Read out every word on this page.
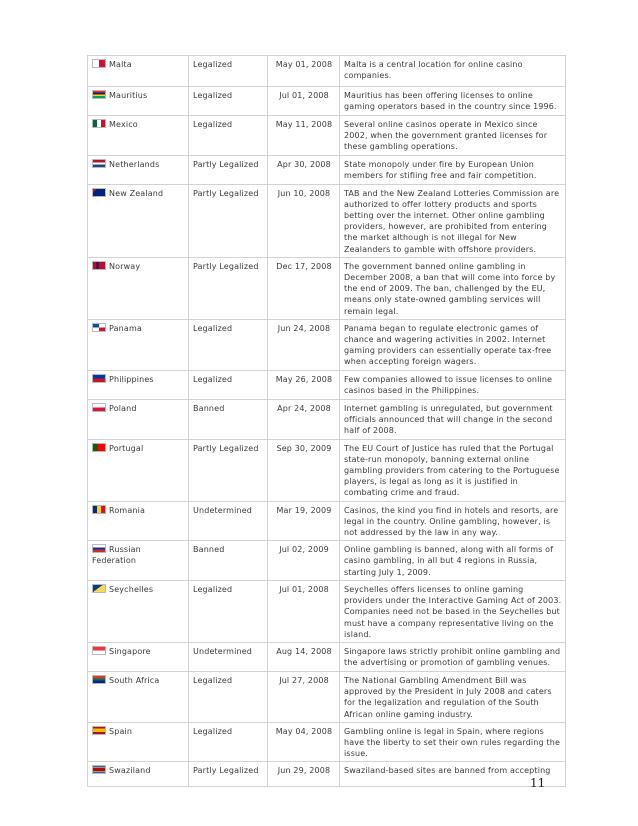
Malta	Legalized	May 01, 2008	Malta is a central location for online casino companies.
Mauritius	Legalized	Jul 01, 2008	Mauritius has been offering licenses to online gaming operators based in the country since 1996.
Mexico	Legalized	May 11, 2008	Several online casinos operate in Mexico since 2002, when the government granted licenses for these gambling operations.
Netherlands	Partly Legalized	Apr 30, 2008	State monopoly under fire by European Union members for stifling free and fair competition.
New Zealand	Partly Legalized	Jun 10, 2008	TAB and the New Zealand Lotteries Commission are authorized to offer lottery products and sports betting over the internet. Other online gambling providers, however, are prohibited from entering the market although is not illegal for New Zealanders to gamble with offshore providers.
Norway	Partly Legalized	Dec 17, 2008	The government banned online gambling in December 2008, a ban that will come into force by the end of 2009. The ban, challenged by the EU, means only state-owned gambling services will remain legal.
Panama	Legalized	Jun 24, 2008	Panama began to regulate electronic games of chance and wagering activities in 2002. Internet gaming providers can essentially operate tax-free when accepting foreign wagers.
Philippines	Legalized	May 26, 2008	Few companies allowed to issue licenses to online casinos based in the Philippines.
Poland	Banned	Apr 24, 2008	Internet gambling is unregulated, but government officials announced that will change in the second half of 2008.
Portugal	Partly Legalized	Sep 30, 2009	The EU Court of Justice has ruled that the Portugal state-run monopoly, banning external online gambling providers from catering to the Portuguese players, is legal as long as it is justified in combating crime and fraud.
Romania	Undetermined	Mar 19, 2009	Casinos, the kind you find in hotels and resorts, are legal in the country. Online gambling, however, is not addressed by the law in any way.
Russian Federation	Banned	Jul 02, 2009	Online gambling is banned, along with all forms of casino gambling, in all but 4 regions in Russia, starting July 1, 2009.
Seychelles	Legalized	Jul 01, 2008	Seychelles offers licenses to online gaming providers under the Interactive Gaming Act of 2003. Companies need not be based in the Seychelles but must have a company representative living on the island.
Singapore	Undetermined	Aug 14, 2008	Singapore laws strictly prohibit online gambling and the advertising or promotion of gambling venues.
South Africa	Legalized	Jul 27, 2008	The National Gambling Amendment Bill was approved by the President in July 2008 and caters for the legalization and regulation of the South African online gaming industry.
Spain	Legalized	May 04, 2008	Gambling online is legal in Spain, where regions have the liberty to set their own rules regarding the issue.
Swaziland	Partly Legalized	Jun 29, 2008	Swaziland-based sites are banned from accepting
11
